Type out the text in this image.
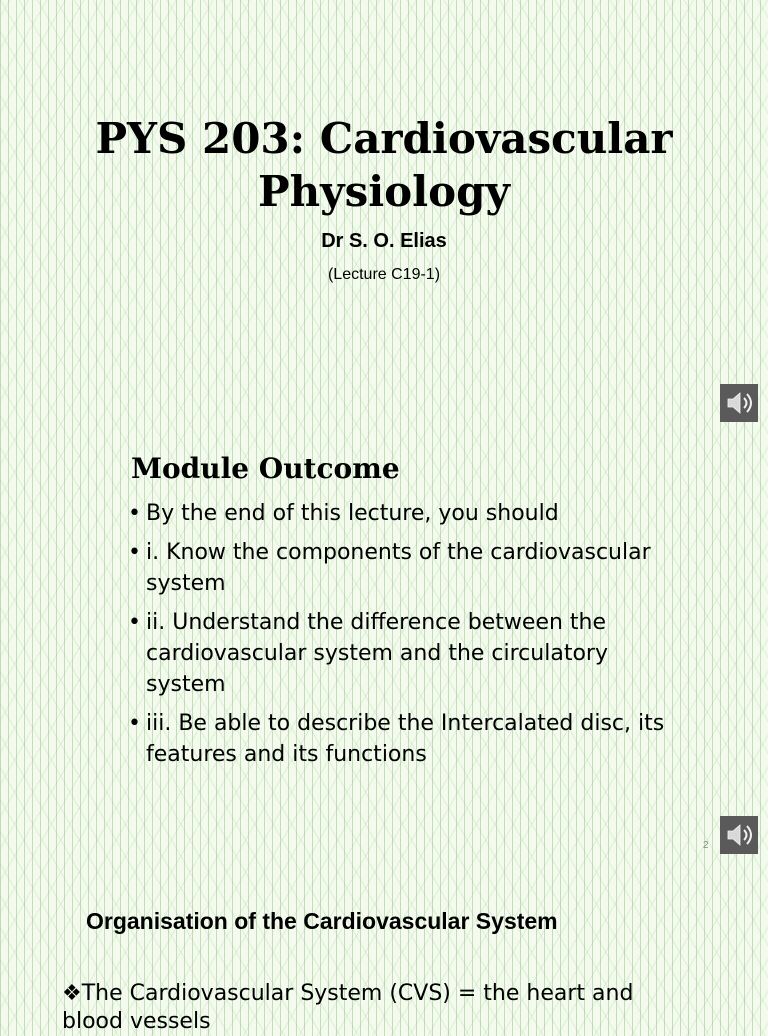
PYS 203: Cardiovascular
Physiology

Dr S. O. Elias

(Lecture C19-1)

Module Outcome
• By the end of this lecture, you should
• i. Know the components of the cardiovascular system
• ii. Understand the difference between the cardiovascular system and the circulatory system
• iii. Be able to describe the Intercalated disc, its features and its functions
2
Organisation of the Cardiovascular System

❖The Cardiovascular System (CVS) = the heart and blood vessels
